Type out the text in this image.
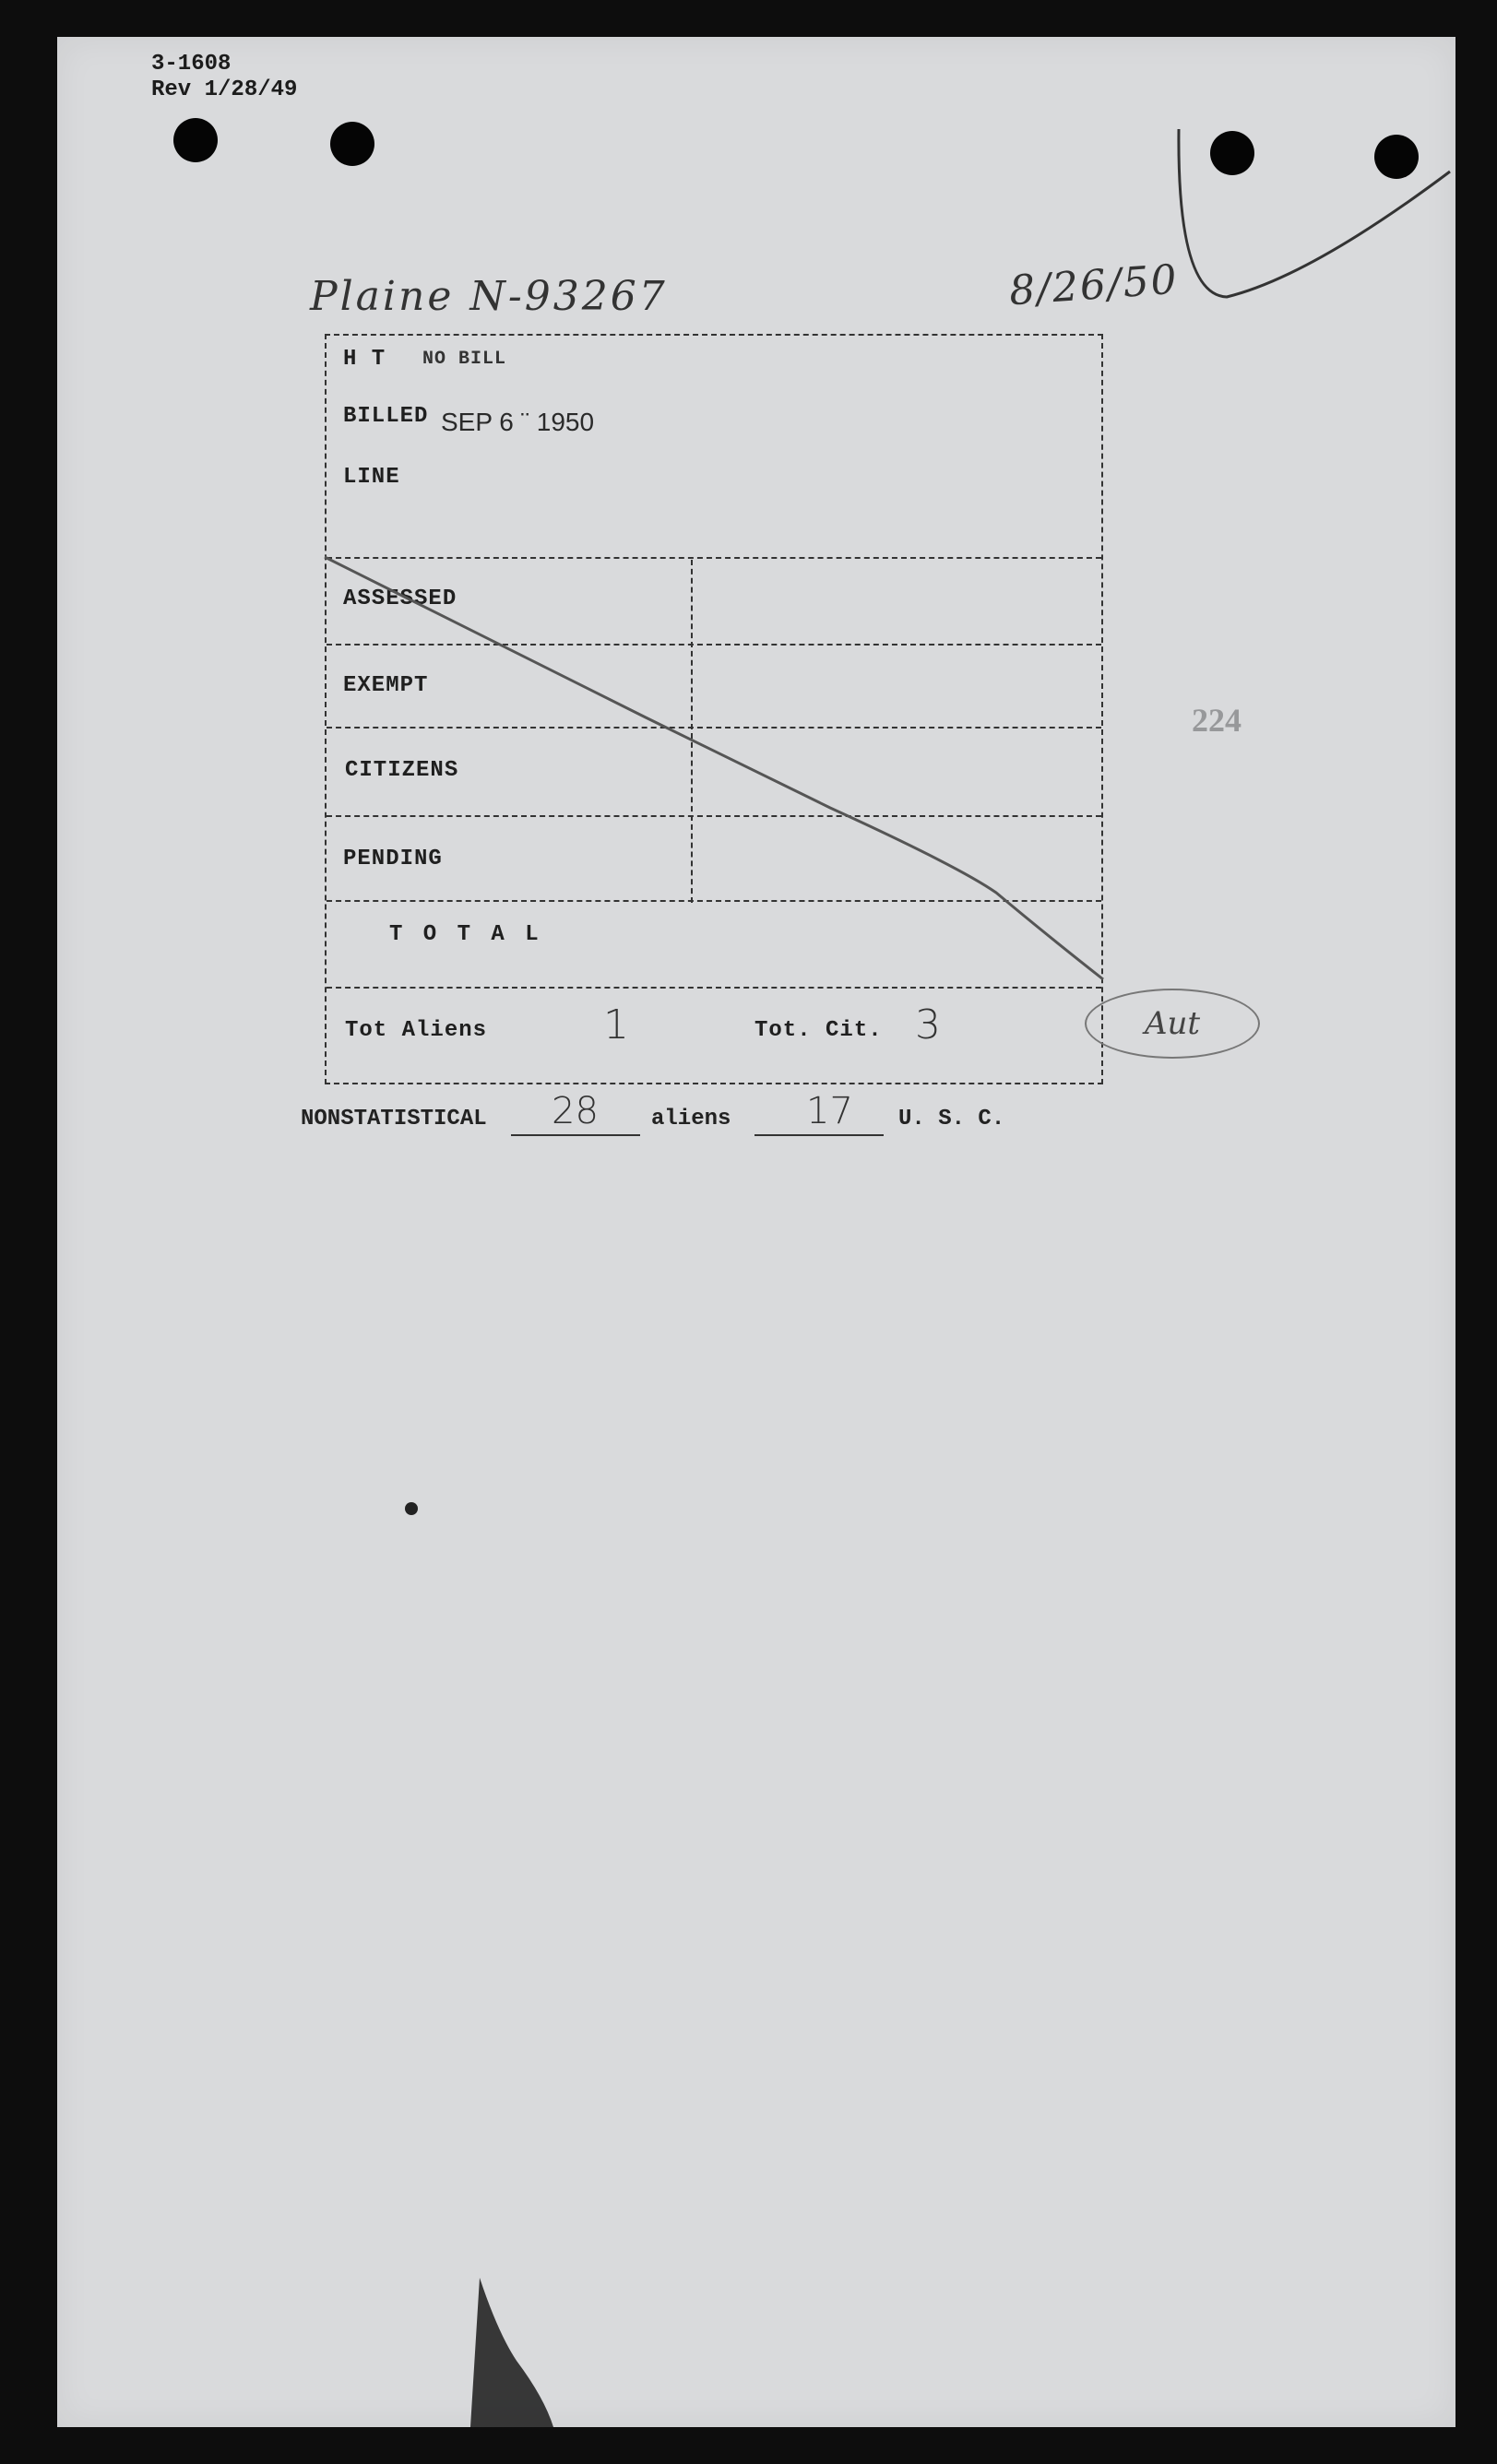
3-1608
Rev 1/28/49
Plaine N-93267	8/26/50
224
H T NO BILL
BILLED SEP 6 ¨ 1950
LINE
ASSESSED
EXEMPT
CITIZENS
PENDING
T O T A L
Tot Aliens	1	Tot. Cit. 3	Aut
NONSTATISTICAL 28 aliens 17 U. S. C.
